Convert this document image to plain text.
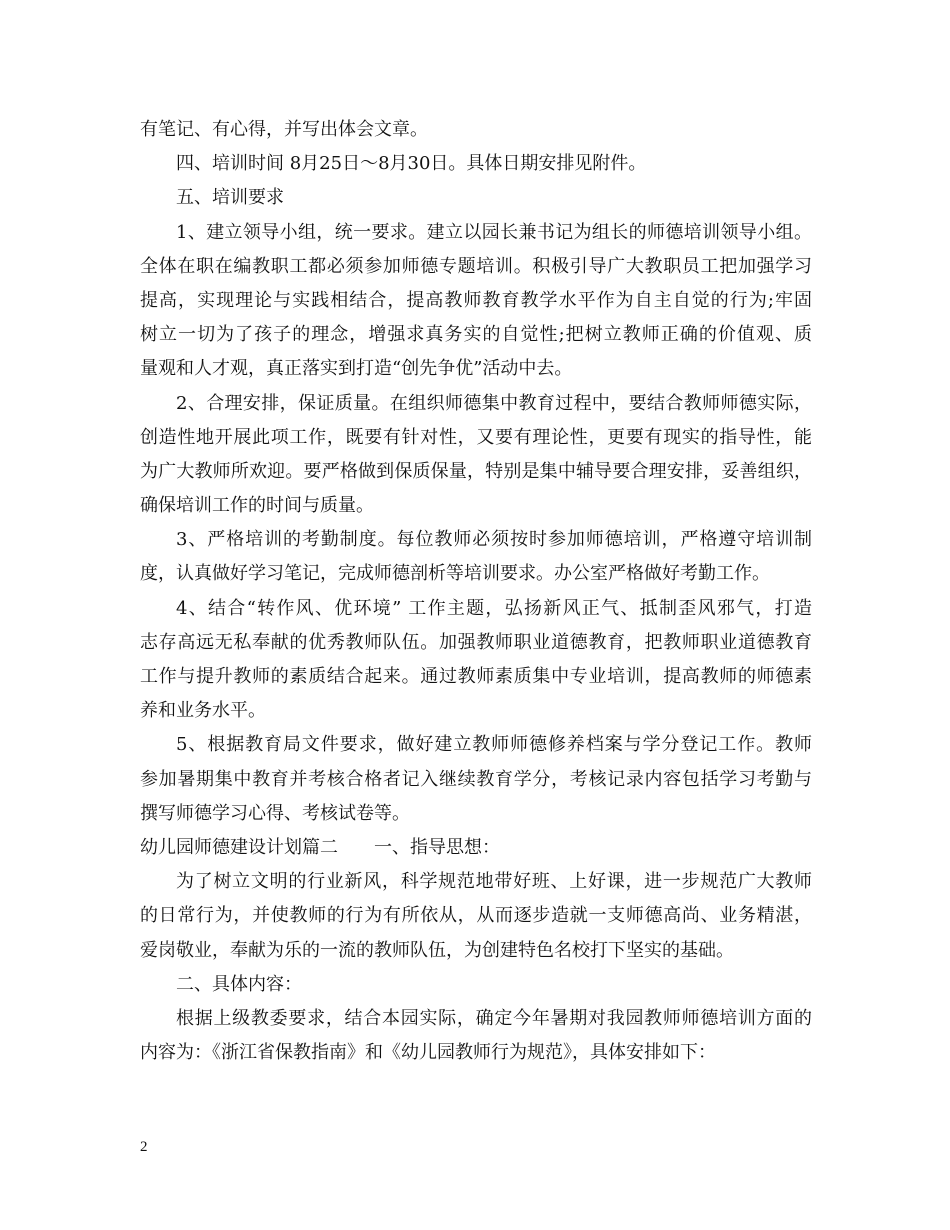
有笔记、有心得，并写出体会文章。
四、培训时间 8月25日～8月30日。具体日期安排见附件。
五、培训要求
1、建立领导小组，统一要求。建立以园长兼书记为组长的师德培训领导小组。
全体在职在编教职工都必须参加师德专题培训。积极引导广大教职员工把加强学习
提高，实现理论与实践相结合，提高教师教育教学水平作为自主自觉的行为;牢固
树立一切为了孩子的理念，增强求真务实的自觉性;把树立教师正确的价值观、质
量观和人才观，真正落实到打造“创先争优”活动中去。
2、合理安排，保证质量。在组织师德集中教育过程中，要结合教师师德实际，
创造性地开展此项工作，既要有针对性，又要有理论性，更要有现实的指导性，能
为广大教师所欢迎。要严格做到保质保量，特别是集中辅导要合理安排，妥善组织，
确保培训工作的时间与质量。
3、严格培训的考勤制度。每位教师必须按时参加师德培训，严格遵守培训制
度，认真做好学习笔记，完成师德剖析等培训要求。办公室严格做好考勤工作。
4、结合“转作风、优环境” 工作主题，弘扬新风正气、抵制歪风邪气，打造
志存高远无私奉献的优秀教师队伍。加强教师职业道德教育，把教师职业道德教育
工作与提升教师的素质结合起来。通过教师素质集中专业培训，提高教师的师德素
养和业务水平。
5、根据教育局文件要求，做好建立教师师德修养档案与学分登记工作。教师
参加暑期集中教育并考核合格者记入继续教育学分，考核记录内容包括学习考勤与
撰写师德学习心得、考核试卷等。
幼儿园师德建设计划篇二　　一、指导思想：
为了树立文明的行业新风，科学规范地带好班、上好课，进一步规范广大教师
的日常行为，并使教师的行为有所依从，从而逐步造就一支师德高尚、业务精湛，
爱岗敬业，奉献为乐的一流的教师队伍，为创建特色名校打下坚实的基础。
二、具体内容：
根据上级教委要求，结合本园实际，确定今年暑期对我园教师师德培训方面的
内容为：《浙江省保教指南》和《幼儿园教师行为规范》，具体安排如下：
2
